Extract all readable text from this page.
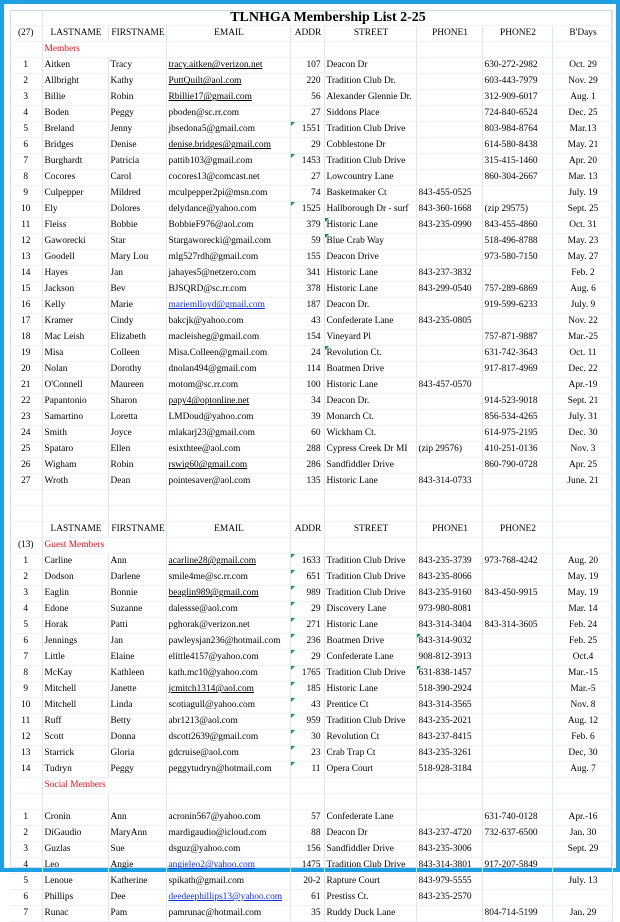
	TLNHGA Membership List 2-25							
(27)	LASTNAME	FIRSTNAME	EMAIL	ADDR	STREET	PHONE1	PHONE2	B'Days
	Members							
1	Aitken	Tracy	tracy.aitken@verizon.net	107	Deacon Dr		630-272-2982	Oct. 29
2	Allbright	Kathy	PuttQuilt@aol.com	220	Tradition Club Dr.		603-443-7979	Nov. 29
3	Billie	Robin	Rbillie17@gmail.com	56	Alexander Glennie Dr.		312-909-6017	Aug. 1
4	Boden	Peggy	pboden@sc.rr.com	27	Siddons Place		724-840-6524	Dec. 25
5	Breland	Jenny	jbsedona5@gmail.com	1551	Tradition Club Drive		803-984-8764	Mar.13
6	Bridges	Denise	denise.bridges@gmail.com	29	Cobblestone Dr		614-580-8438	May. 21
7	Burghardt	Patricia	pattib103@gmail.com	1453	Tradition Club Drive		315-415-1460	Apr. 20
8	Cocores	Carol	cocores13@comcast.net	27	Lowcountry Lane		860-304-2667	Mar. 13
9	Culpepper	Mildred	mculpepper2pi@msn.com	74	Basketmaker Ct	843-455-0525		July. 19
10	Ely	Dolores	delydance@yahoo.com	1525	Hallborough Dr - surf	843-360-1668	(zip 29575)	Sept. 25
11	Fleiss	Bobbie	BobbieF976@aol.com	379	Historic Lane	843-235-0990	843-455-4860	Oct. 31
12	Gaworecki	Star	Stargaworecki@gmail.com	59	Blue Crab Way		518-496-8788	May. 23
13	Goodell	Mary Lou	mlg527rdh@gmail.com	155	Deacon Drive		973-580-7150	May. 27
14	Hayes	Jan	jahayes5@netzero.com	341	Historic Lane	843-237-3832		Feb. 2
15	Jackson	Bev	BJSQRD@sc.rr.com	378	Historic Lane	843-299-0540	757-289-6869	Aug. 6
16	Kelly	Marie	mariemlloyd@gmail.com	187	Deacon Dr.		919-599-6233	July. 9
17	Kramer	Cindy	bakcjk@yahoo.com	43	Confederate Lane	843-235-0805		Nov. 22
18	Mac Leish	Elizabeth	macleisheg@gmail.com	154	Vineyard Pl		757-871-9887	Mar.-25
19	Misa	Colleen	Misa.Colleen@gmail.com	24	Revolution Ct.		631-742-3643	Oct. 11
20	Nolan	Dorothy	dnolan494@gmail.com	114	Boatmen Drive		917-817-4969	Dec. 22
21	O'Connell	Maureen	motom@sc.rr.com	100	Historic Lane	843-457-0570		Apr.-19
22	Papantonio	Sharon	papy4@optonline.net	34	Deacon Dr.		914-523-9018	Sept. 21
23	Samartino	Loretta	LMDoud@yahoo.com	39	Monarch Ct.		856-534-4265	July. 31
24	Smith	Joyce	mlakarj23@gmail.com	60	Wickham Ct.		614-975-2195	Dec. 30
25	Spataro	Ellen	esixthtee@aol.com	288	Cypress Creek Dr MI	(zip 29576)	410-251-0136	Nov. 3
26	Wigham	Robin	rswig60@gmail.com	286	Sandfiddler Drive		860-790-0728	Apr. 25
27	Wroth	Dean	pointesaver@aol.com	135	Historic Lane	843-314-0733		June. 21

	LASTNAME	FIRSTNAME	EMAIL	ADDR	STREET	PHONE1	PHONE2	
(13)	Guest Members							
1	Carline	Ann	acarline28@gmail.com	1633	Tradition Club Drive	843-235-3739	973-768-4242	Aug. 20
2	Dodson	Darlene	smile4me@sc.rr.com	651	Tradition Club Drive	843-235-8066		May. 19
3	Eaglin	Bonnie	beaglin989@gmail.com	989	Tradition Club Drive	843-235-9160	843-450-9915	May. 19
4	Edone	Suzanne	dalessse@aol.com	29	Discovery Lane	973-980-8081		Mar. 14
5	Horak	Patti	pghorak@verizon.net	271	Historic Lane	843-314-3404	843-314-3605	Feb. 24
6	Jennings	Jan	pawleysjan236@hotmail.com	236	Boatmen Drive	843-314-9032		Feb. 25
7	Little	Elaine	elittle4157@yahoo.com	29	Confederate Lane	908-812-3913		Oct.4
8	McKay	Kathleen	kath.mc10@yahoo.com	1765	Tradition Club Drive	631-838-1457		Mar.-15
9	Mitchell	Janette	jcmitch1314@aol.com	185	Historic Lane	518-390-2924		Mar.-5
10	Mitchell	Linda	scotiagull@yahoo.com	43	Prentice Ct	843-314-3565		Nov. 8
11	Ruff	Betty	abr1213@aol.com	959	Tradition Club Drive	843-235-2021		Aug. 12
12	Scott	Donna	dscott2639@gmail.com	30	Revolution Ct	843-237-8415		Feb. 6
13	Starrick	Gloria	gdcruise@aol.com	23	Crab Trap Ct	843-235-3261		Dec, 30
14	Tudryn	Peggy	peggytudryn@hotmail.com	11	Opera Court	518-928-3184		Aug. 7
	Social Members							

1	Cronin	Ann	acronin567@yahoo.com	57	Confederate Lane		631-740-0128	Apr.-16
2	DiGaudio	MaryAnn	mardigaudio@icloud.com	88	Deacon Dr	843-237-4720	732-637-6500	Jan. 30
3	Guzlas	Sue	dsguz@yahoo.com	156	Sandfiddler Drive	843-235-3006		Sept. 29
4	Leo	Angie	angieleo2@yahoo.com	1475	Tradition Club Drive	843-314-3801	917-207-5849	
5	Lenoue	Katherine	spikath@gmail.com	20-2	Rapture Court	843-979-5555		July. 13
6	Phillips	Dee	deedeephillips13@yahoo.com	61	Prestiss Ct.	843-235-2570		
7	Runac	Pam	pamrunac@hotmail.com	35	Ruddy Duck Lane		804-714-5199	Jan. 29
